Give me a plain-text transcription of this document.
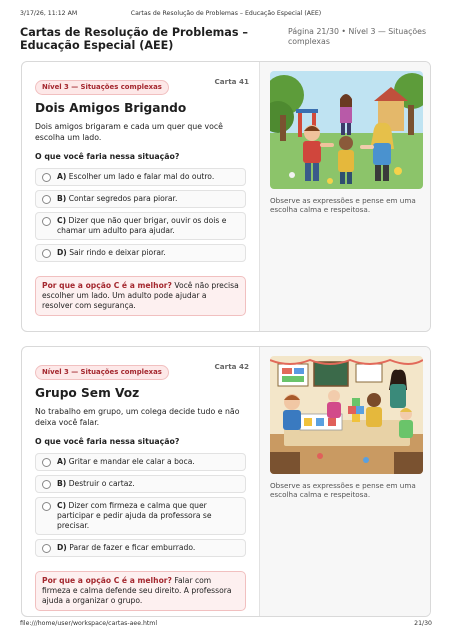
3/17/26, 11:12 AM	Cartas de Resolução de Problemas – Educação Especial (AEE)
Cartas de Resolução de Problemas – Educação Especial (AEE)
Página 21/30 • Nível 3 — Situações complexas
Nível 3 — Situações complexas
Carta 41
Dois Amigos Brigando
Dois amigos brigaram e cada um quer que você escolha um lado.
O que você faria nessa situação?
A) Escolher um lado e falar mal do outro.
B) Contar segredos para piorar.
C) Dizer que não quer brigar, ouvir os dois e chamar um adulto para ajudar.
D) Sair rindo e deixar piorar.
Por que a opção C é a melhor? Você não precisa escolher um lado. Um adulto pode ajudar a resolver com segurança.
Observe as expressões e pense em uma escolha calma e respeitosa.
Nível 3 — Situações complexas
Carta 42
Grupo Sem Voz
No trabalho em grupo, um colega decide tudo e não deixa você falar.
O que você faria nessa situação?
A) Gritar e mandar ele calar a boca.
B) Destruir o cartaz.
C) Dizer com firmeza e calma que quer participar e pedir ajuda da professora se precisar.
D) Parar de fazer e ficar emburrado.
Por que a opção C é a melhor? Falar com firmeza e calma defende seu direito. A professora ajuda a organizar o grupo.
Observe as expressões e pense em uma escolha calma e respeitosa.
file:///home/user/workspace/cartas-aee.html	21/30
